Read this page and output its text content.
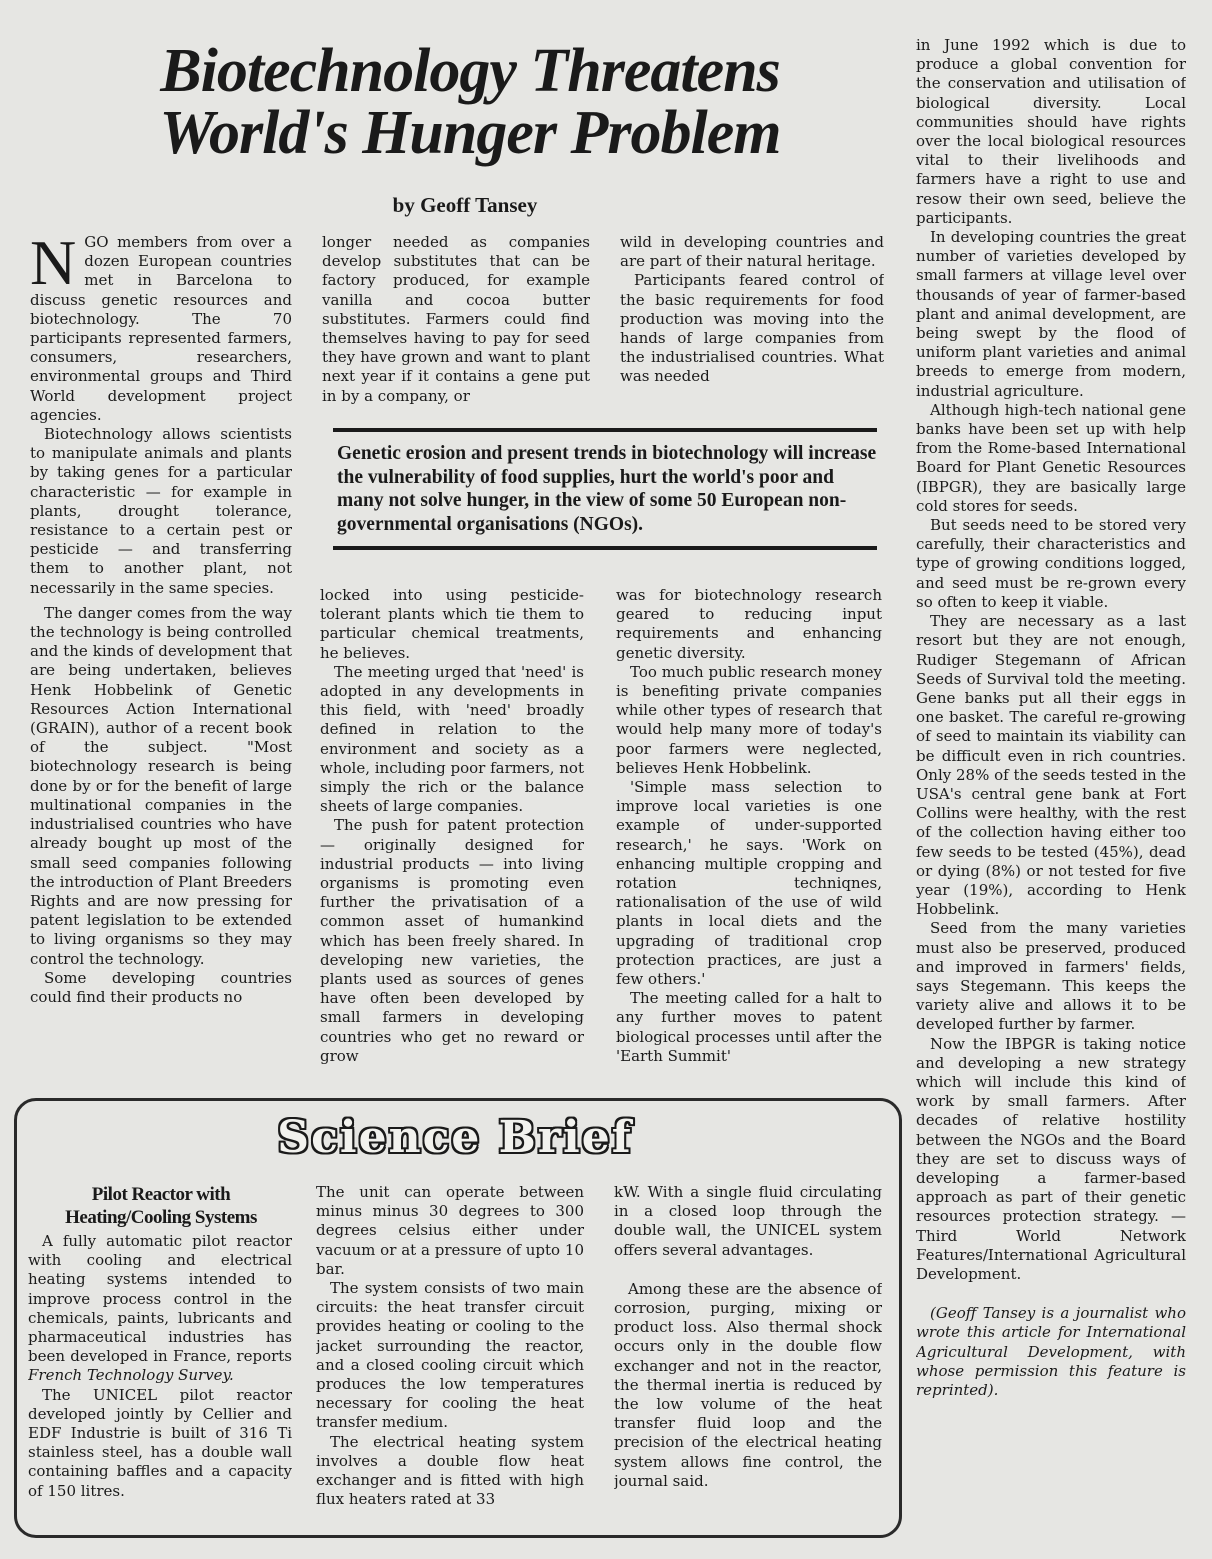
Biotechnology Threatens
World's Hunger Problem
by Geoff Tansey

NGO members from over a dozen European countries met in Barcelona to discuss genetic resources and biotechnology. The 70 participants represented farmers, consumers, researchers, environmental groups and Third World development project agencies.

Biotechnology allows scientists to manipulate animals and plants by taking genes for a particular characteristic — for example in plants, drought tolerance, resistance to a certain pest or pesticide — and transferring them to another plant, not necessarily in the same species.

The danger comes from the way the technology is being controlled and the kinds of development that are being undertaken, believes Henk Hobbelink of Genetic Resources Action International (GRAIN), author of a recent book of the subject. "Most biotechnology research is being done by or for the benefit of large multinational companies in the industrialised countries who have already bought up most of the small seed companies following the introduction of Plant Breeders Rights and are now pressing for patent legislation to be extended to living organisms so they may control the technology.

Some developing countries could find their products no

longer needed as companies develop substitutes that can be factory produced, for example vanilla and cocoa butter substitutes. Farmers could find themselves having to pay for seed they have grown and want to plant next year if it contains a gene put in by a company, or

wild in developing countries and are part of their natural heritage.

Participants feared control of the basic requirements for food production was moving into the hands of large companies from the industrialised countries. What was needed

Genetic erosion and present trends in biotechnology will increase the vulnerability of food supplies, hurt the world's poor and many not solve hunger, in the view of some 50 European non-governmental organisations (NGOs).

locked into using pesticide-tolerant plants which tie them to particular chemical treatments, he believes.

The meeting urged that 'need' is adopted in any developments in this field, with 'need' broadly defined in relation to the environment and society as a whole, including poor farmers, not simply the rich or the balance sheets of large companies.

The push for patent protection — originally designed for industrial products — into living organisms is promoting even further the privatisation of a common asset of humankind which has been freely shared. In developing new varieties, the plants used as sources of genes have often been developed by small farmers in developing countries who get no reward or grow

was for biotechnology research geared to reducing input requirements and enhancing genetic diversity.

Too much public research money is benefiting private companies while other types of research that would help many more of today's poor farmers were neglected, believes Henk Hobbelink.

'Simple mass selection to improve local varieties is one example of under-supported research,' he says. 'Work on enhancing multiple cropping and rotation techniqnes, rationalisation of the use of wild plants in local diets and the upgrading of traditional crop protection practices, are just a few others.'

The meeting called for a halt to any further moves to patent biological processes until after the 'Earth Summit'

in June 1992 which is due to produce a global convention for the conservation and utilisation of biological diversity. Local communities should have rights over the local biological resources vital to their livelihoods and farmers have a right to use and resow their own seed, believe the participants.

In developing countries the great number of varieties developed by small farmers at village level over thousands of year of farmer-based plant and animal development, are being swept by the flood of uniform plant varieties and animal breeds to emerge from modern, industrial agriculture.

Although high-tech national gene banks have been set up with help from the Rome-based International Board for Plant Genetic Resources (IBPGR), they are basically large cold stores for seeds.

But seeds need to be stored very carefully, their characteristics and type of growing conditions logged, and seed must be re-grown every so often to keep it viable.

They are necessary as a last resort but they are not enough, Rudiger Stegemann of African Seeds of Survival told the meeting. Gene banks put all their eggs in one basket. The careful re-growing of seed to maintain its viability can be difficult even in rich countries. Only 28% of the seeds tested in the USA's central gene bank at Fort Collins were healthy, with the rest of the collection having either too few seeds to be tested (45%), dead or dying (8%) or not tested for five year (19%), according to Henk Hobbelink.

Seed from the many varieties must also be preserved, produced and improved in farmers' fields, says Stegemann. This keeps the variety alive and allows it to be developed further by farmer.

Now the IBPGR is taking notice and developing a new strategy which will include this kind of work by small farmers. After decades of relative hostility between the NGOs and the Board they are set to discuss ways of developing a farmer-based approach as part of their genetic resources protection strategy. — Third World Network Features/International Agricultural Development.

(Geoff Tansey is a journalist who wrote this article for International Agricultural Development, with whose permission this feature is reprinted).

Science Brief
Pilot Reactor with Heating/Cooling Systems

A fully automatic pilot reactor with cooling and electrical heating systems intended to improve process control in the chemicals, paints, lubricants and pharmaceutical industries has been developed in France, reports French Technology Survey.

The UNICEL pilot reactor developed jointly by Cellier and EDF Industrie is built of 316 Ti stainless steel, has a double wall containing baffles and a capacity of 150 litres.

The unit can operate between minus minus 30 degrees to 300 degrees celsius either under vacuum or at a pressure of upto 10 bar.

The system consists of two main circuits: the heat transfer circuit provides heating or cooling to the jacket surrounding the reactor, and a closed cooling circuit which produces the low temperatures necessary for cooling the heat transfer medium.

The electrical heating system involves a double flow heat exchanger and is fitted with high flux heaters rated at 33

kW. With a single fluid circulating in a closed loop through the double wall, the UNICEL system offers several advantages.

Among these are the absence of corrosion, purging, mixing or product loss. Also thermal shock occurs only in the double flow exchanger and not in the reactor, the thermal inertia is reduced by the low volume of the heat transfer fluid loop and the precision of the electrical heating system allows fine control, the journal said.
